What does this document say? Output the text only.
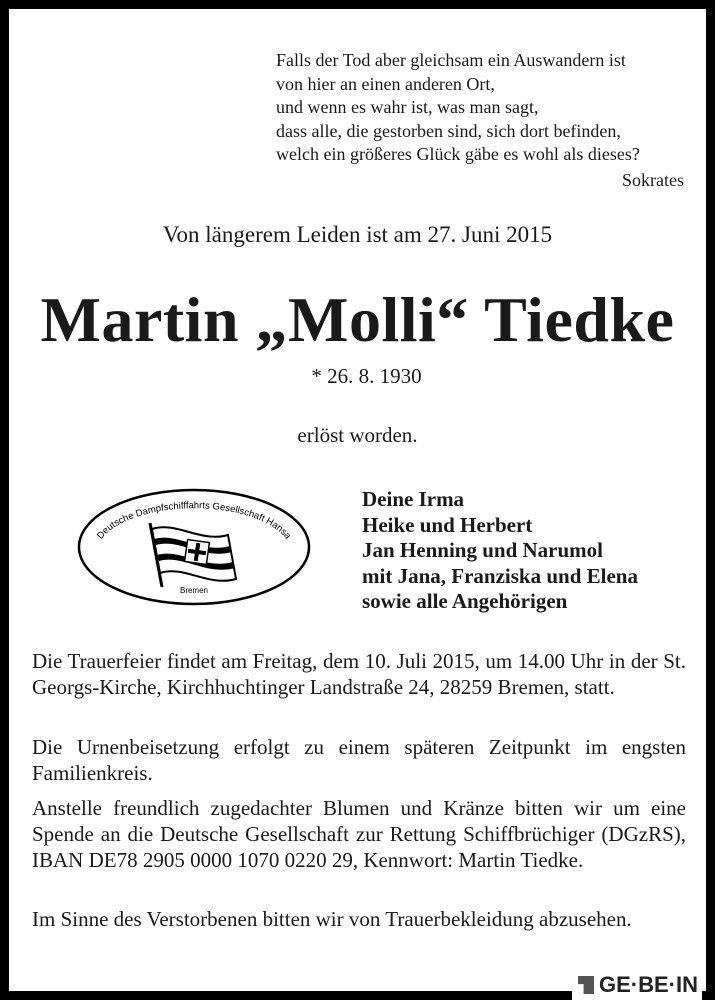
Falls der Tod aber gleichsam ein Auswandern ist
von hier an einen anderen Ort,
und wenn es wahr ist, was man sagt,
dass alle, die gestorben sind, sich dort befinden,
welch ein größeres Glück gäbe es wohl als dieses?
Sokrates
Von längerem Leiden ist am 27. Juni 2015
Martin „Molli“ Tiedke
* 26. 8. 1930
erlöst worden.
Deutsche Dampfschifffahrts Gesellschaft Hansa
Bremen
Deine Irma
Heike und Herbert
Jan Henning und Narumol
mit Jana, Franziska und Elena
sowie alle Angehörigen
Die Trauerfeier findet am Freitag, dem 10. Juli 2015, um 14.00 Uhr in der St. Georgs-Kirche, Kirchhuchtinger Landstraße 24, 28259 Bremen, statt.
Die Urnenbeisetzung erfolgt zu einem späteren Zeitpunkt im engsten Familienkreis.
Anstelle freundlich zugedachter Blumen und Kränze bitten wir um eine Spende an die Deutsche Gesellschaft zur Rettung Schiffbrüchiger (DGzRS), IBAN DE78 2905 0000 1070 0220 29, Kennwort: Martin Tiedke.
Im Sinne des Verstorbenen bitten wir von Trauerbekleidung abzusehen.
GE·BE·IN
